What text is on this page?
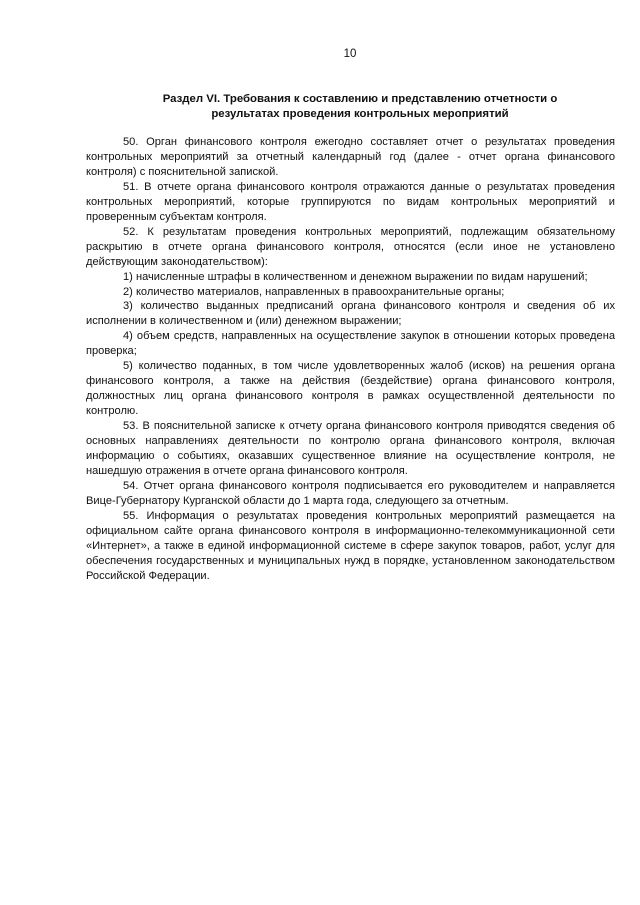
10
Раздел VI. Требования к составлению и представлению отчетности о
результатах проведения контрольных мероприятий

50. Орган финансового контроля ежегодно составляет отчет о результатах проведения контрольных мероприятий за отчетный календарный год (далее - отчет органа финансового контроля) с пояснительной запиской.

51. В отчете органа финансового контроля отражаются данные о результатах проведения контрольных мероприятий, которые группируются по видам контрольных мероприятий и проверенным субъектам контроля.

52. К результатам проведения контрольных мероприятий, подлежащим обязательному раскрытию в отчете органа финансового контроля, относятся (если иное не установлено действующим законодательством):

1) начисленные штрафы в количественном и денежном выражении по видам нарушений;

2) количество материалов, направленных в правоохранительные органы;

3) количество выданных предписаний органа финансового контроля и сведения об их исполнении в количественном и (или) денежном выражении;

4) объем средств, направленных на осуществление закупок в отношении которых проведена проверка;

5) количество поданных, в том числе удовлетворенных жалоб (исков) на решения органа финансового контроля, а также на действия (бездействие) органа финансового контроля, должностных лиц органа финансового контроля в рамках осуществленной деятельности по контролю.

53. В пояснительной записке к отчету органа финансового контроля приводятся сведения об основных направлениях деятельности по контролю органа финансового контроля, включая информацию о событиях, оказавших существенное влияние на осуществление контроля, не нашедшую отражения в отчете органа финансового контроля.

54. Отчет органа финансового контроля подписывается его руководителем и направляется Вице-Губернатору Курганской области до 1 марта года, следующего за отчетным.

55. Информация о результатах проведения контрольных мероприятий размещается на официальном сайте органа финансового контроля в информационно-телекоммуникационной сети «Интернет», а также в единой информационной системе в сфере закупок товаров, работ, услуг для обеспечения государственных и муниципальных нужд в порядке, установленном законодательством Российской Федерации.
